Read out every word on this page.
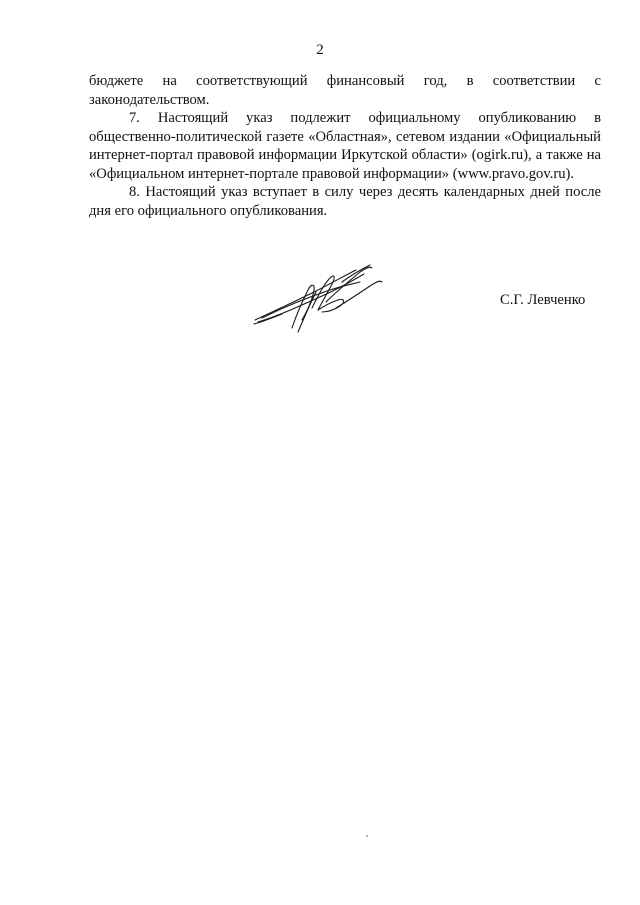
2

бюджете на соответствующий финансовый год, в соответствии с законодательством.

7. Настоящий указ подлежит официальному опубликованию в общественно-политической газете «Областная», сетевом издании «Официальный интернет-портал правовой информации Иркутской области» (ogirk.ru), а также на «Официальном интернет-портале правовой информации» (www.pravo.gov.ru).

8. Настоящий указ вступает в силу через десять календарных дней после дня его официального опубликования.

С.Г. Левченко
